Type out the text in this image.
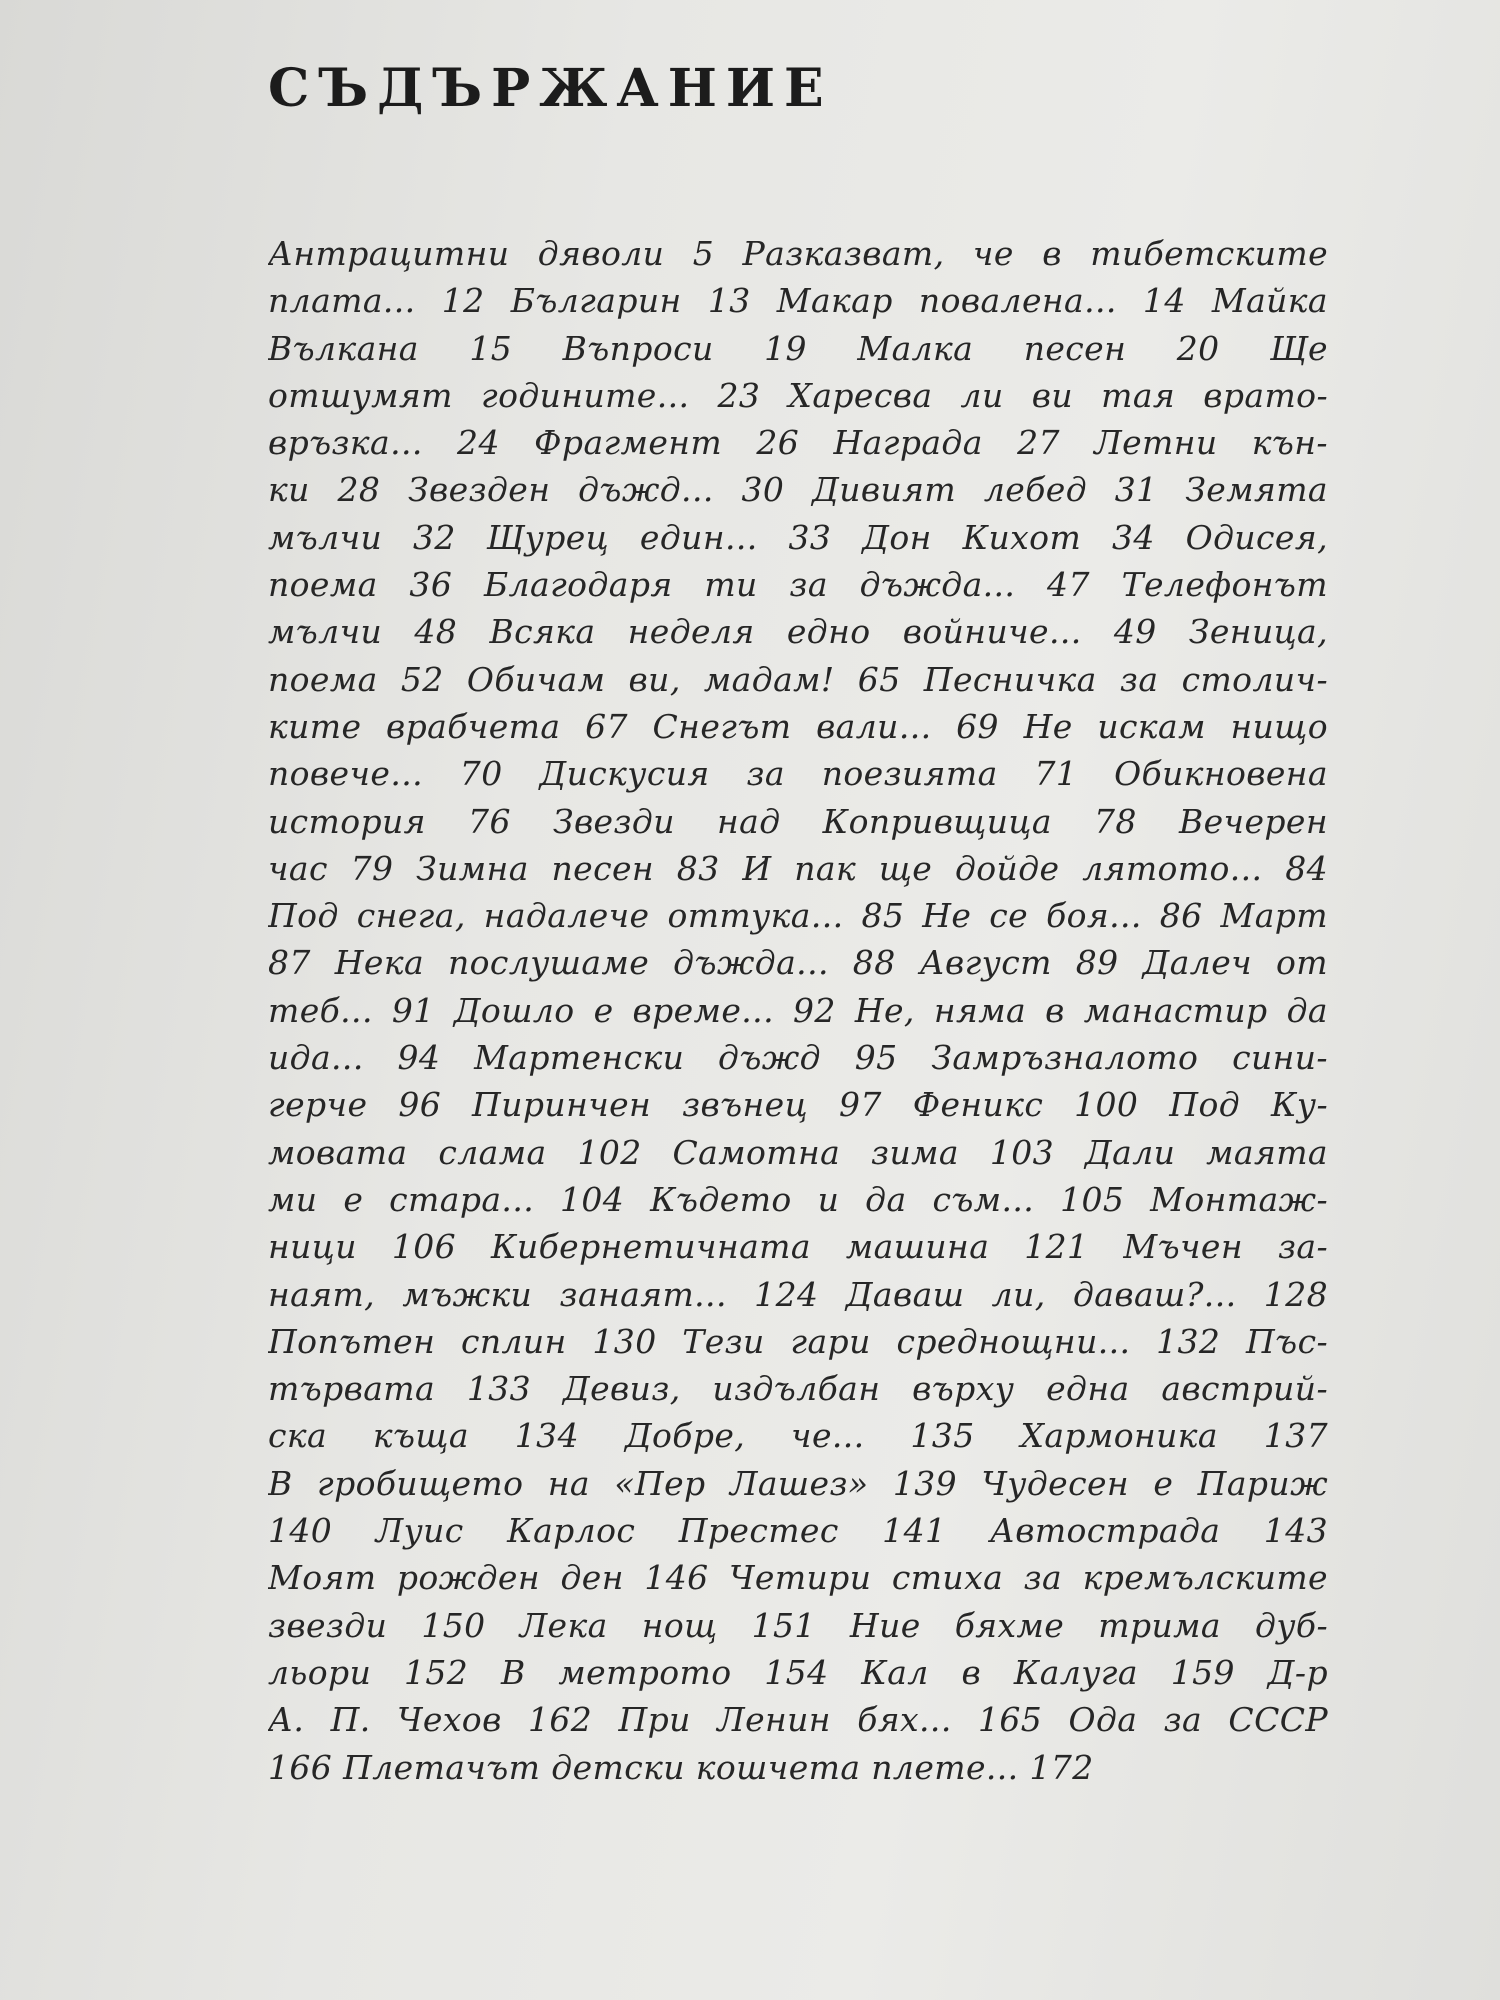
СЪДЪРЖАНИЕ
Антрацитни дяволи 5 Разказват, че в тибетските
плата... 12 Българин 13 Макар повалена... 14 Майка
Вълкана 15 Въпроси 19 Малка песен 20 Ще
отшумят годините... 23 Харесва ли ви тая врато-
връзка... 24 Фрагмент 26 Награда 27 Летни кън-
ки 28 Звезден дъжд... 30 Дивият лебед 31 Земята
мълчи 32 Щурец един... 33 Дон Кихот 34 Одисея,
поема 36 Благодаря ти за дъжда... 47 Телефонът
мълчи 48 Всяка неделя едно войниче... 49 Зеница,
поема 52 Обичам ви, мадам! 65 Песничка за столич-
ките врабчета 67 Снегът вали... 69 Не искам нищо
повече... 70 Дискусия за поезията 71 Обикновена
история 76 Звезди над Копривщица 78 Вечерен
час 79 Зимна песен 83 И пак ще дойде лятото... 84
Под снега, надалече оттука... 85 Не се боя... 86 Март
87 Нека послушаме дъжда... 88 Август 89 Далеч от
теб... 91 Дошло е време... 92 Не, няма в манастир да
ида... 94 Мартенски дъжд 95 Замръзналото сини-
герче 96 Пиринчен звънец 97 Феникс 100 Под Ку-
мовата слама 102 Самотна зима 103 Дали маята
ми е стара... 104 Където и да съм... 105 Монтаж-
ници 106 Кибернетичната машина 121 Мъчен за-
наят, мъжки занаят... 124 Даваш ли, даваш?... 128
Попътен сплин 130 Тези гари среднощни... 132 Пъс-
тървата 133 Девиз, издълбан върху една австрий-
ска къща 134 Добре, че... 135 Хармоника 137
В гробището на «Пер Лашез» 139 Чудесен е Париж
140 Луис Карлос Престес 141 Автострада 143
Моят рожден ден 146 Четири стиха за кремълските
звезди 150 Лека нощ 151 Ние бяхме трима дуб-
льори 152 В метрото 154 Кал в Калуга 159 Д-р
А. П. Чехов 162 При Ленин бях... 165 Ода за СССР
166 Плетачът детски кошчета плете... 172
